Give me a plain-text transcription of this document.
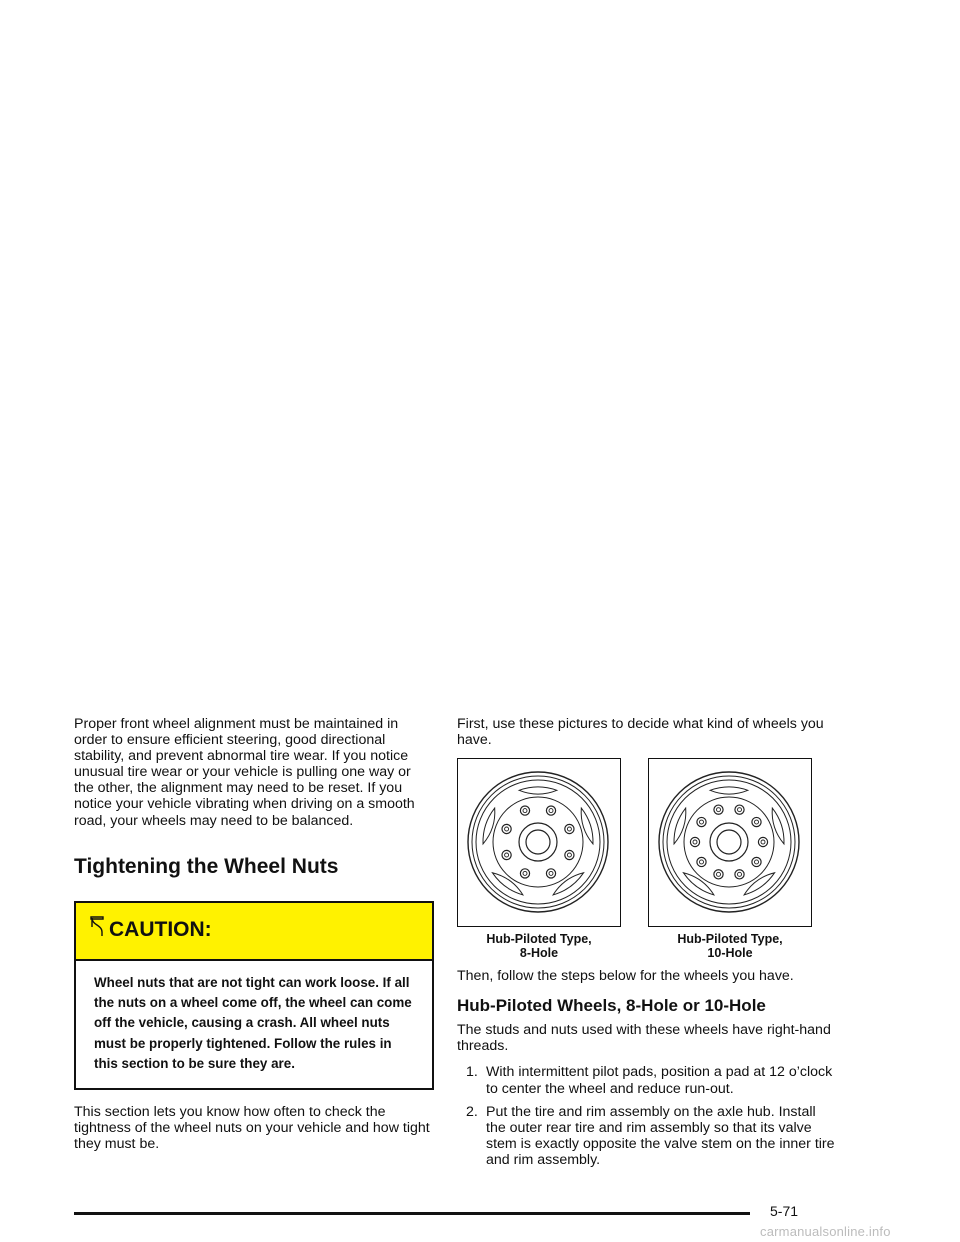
Proper front wheel alignment must be maintained in order to ensure efficient steering, good directional stability, and prevent abnormal tire wear. If you notice unusual tire wear or your vehicle is pulling one way or the other, the alignment may need to be reset. If you notice your vehicle vibrating when driving on a smooth road, your wheels may need to be balanced.

Tightening the Wheel Nuts
CAUTION:
Wheel nuts that are not tight can work loose. If all the nuts on a wheel come off, the wheel can come off the vehicle, causing a crash. All wheel nuts must be properly tightened. Follow the rules in this section to be sure they are.

This section lets you know how often to check the tightness of the wheel nuts on your vehicle and how tight they must be.

First, use these pictures to decide what kind of wheels you have.

Hub-Piloted Type,
8-Hole
Hub-Piloted Type,
10-Hole

Then, follow the steps below for the wheels you have.

Hub-Piloted Wheels, 8-Hole or 10-Hole

The studs and nuts used with these wheels have right-hand threads.

1. With intermittent pilot pads, position a pad at 12 o’clock to center the wheel and reduce run-out.
2. Put the tire and rim assembly on the axle hub. Install the outer rear tire and rim assembly so that its valve stem is exactly opposite the valve stem on the inner tire and rim assembly.
5-71
carmanualsonline.info
